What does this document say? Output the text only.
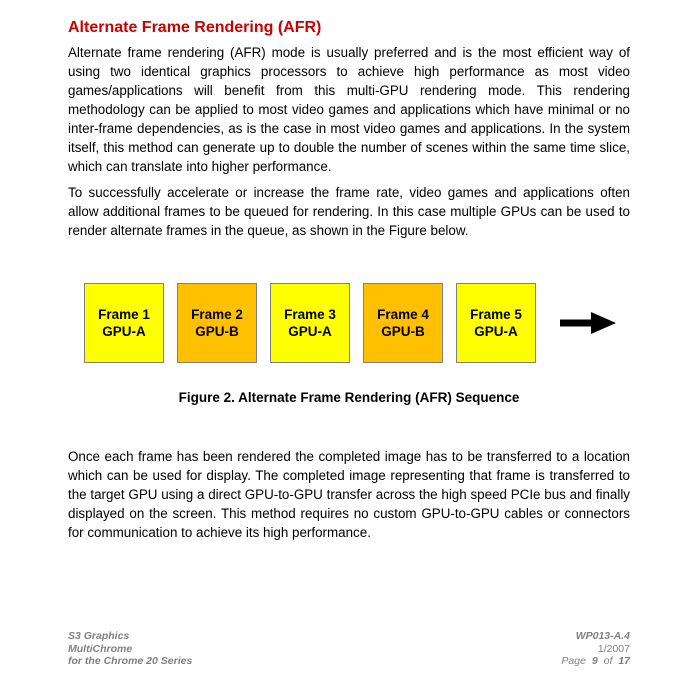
Alternate Frame Rendering (AFR)

Alternate frame rendering (AFR) mode is usually preferred and is the most efficient way of using two identical graphics processors to achieve high performance as most video games/applications will benefit from this multi-GPU rendering mode. This rendering methodology can be applied to most video games and applications which have minimal or no inter-frame dependencies, as is the case in most video games and applications. In the system itself, this method can generate up to double the number of scenes within the same time slice, which can translate into higher performance.

To successfully accelerate or increase the frame rate, video games and applications often allow additional frames to be queued for rendering. In this case multiple GPUs can be used to render alternate frames in the queue, as shown in the Figure below.

Frame 1
GPU-A
Frame 2
GPU-B
Frame 3
GPU-A
Frame 4
GPU-B
Frame 5
GPU-A
Figure 2. Alternate Frame Rendering (AFR) Sequence

Once each frame has been rendered the completed image has to be transferred to a location which can be used for display. The completed image representing that frame is transferred to the target GPU using a direct GPU-to-GPU transfer across the high speed PCIe bus and finally displayed on the screen. This method requires no custom GPU-to-GPU cables or connectors for communication to achieve its high performance.

S3 Graphics
MultiChrome
for the Chrome 20 Series
WP013-A.4
1/2007
Page 9 of 17
